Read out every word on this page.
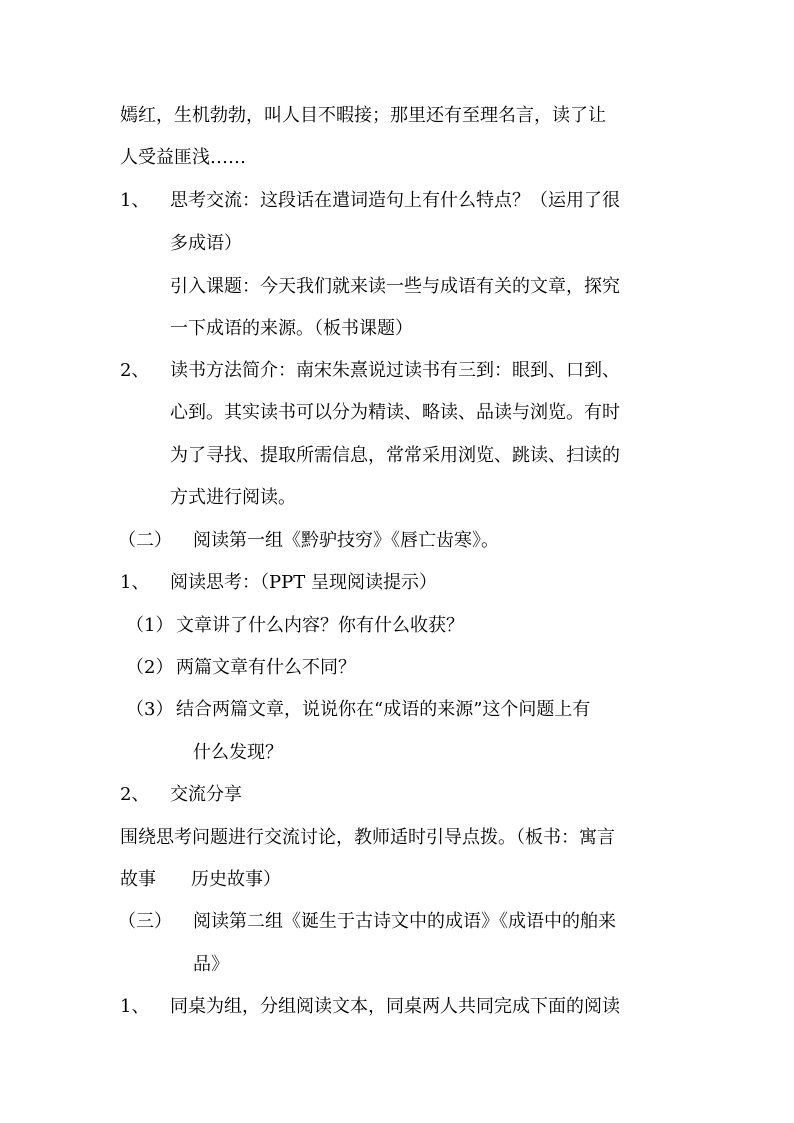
嫣红，生机勃勃，叫人目不暇接；那里还有至理名言，读了让
人受益匪浅……
1、 思考交流：这段话在遣词造句上有什么特点？（运用了很
多成语）
引入课题：今天我们就来读一些与成语有关的文章，探究
一下成语的来源。（板书课题）
2、 读书方法简介：南宋朱熹说过读书有三到：眼到、口到、
心到。其实读书可以分为精读、略读、品读与浏览。有时
为了寻找、提取所需信息，常常采用浏览、跳读、扫读的
方式进行阅读。
（二） 阅读第一组《黔驴技穷》《唇亡齿寒》。
1、 阅读思考：（PPT 呈现阅读提示）
（1） 文章讲了什么内容？你有什么收获？
（2） 两篇文章有什么不同？
（3） 结合两篇文章，说说你在“成语的来源”这个问题上有
什么发现？
2、 交流分享
围绕思考问题进行交流讨论，教师适时引导点拨。（板书：寓言
故事 历史故事）
（三） 阅读第二组《诞生于古诗文中的成语》《成语中的舶来
品》
1、 同桌为组，分组阅读文本，同桌两人共同完成下面的阅读
